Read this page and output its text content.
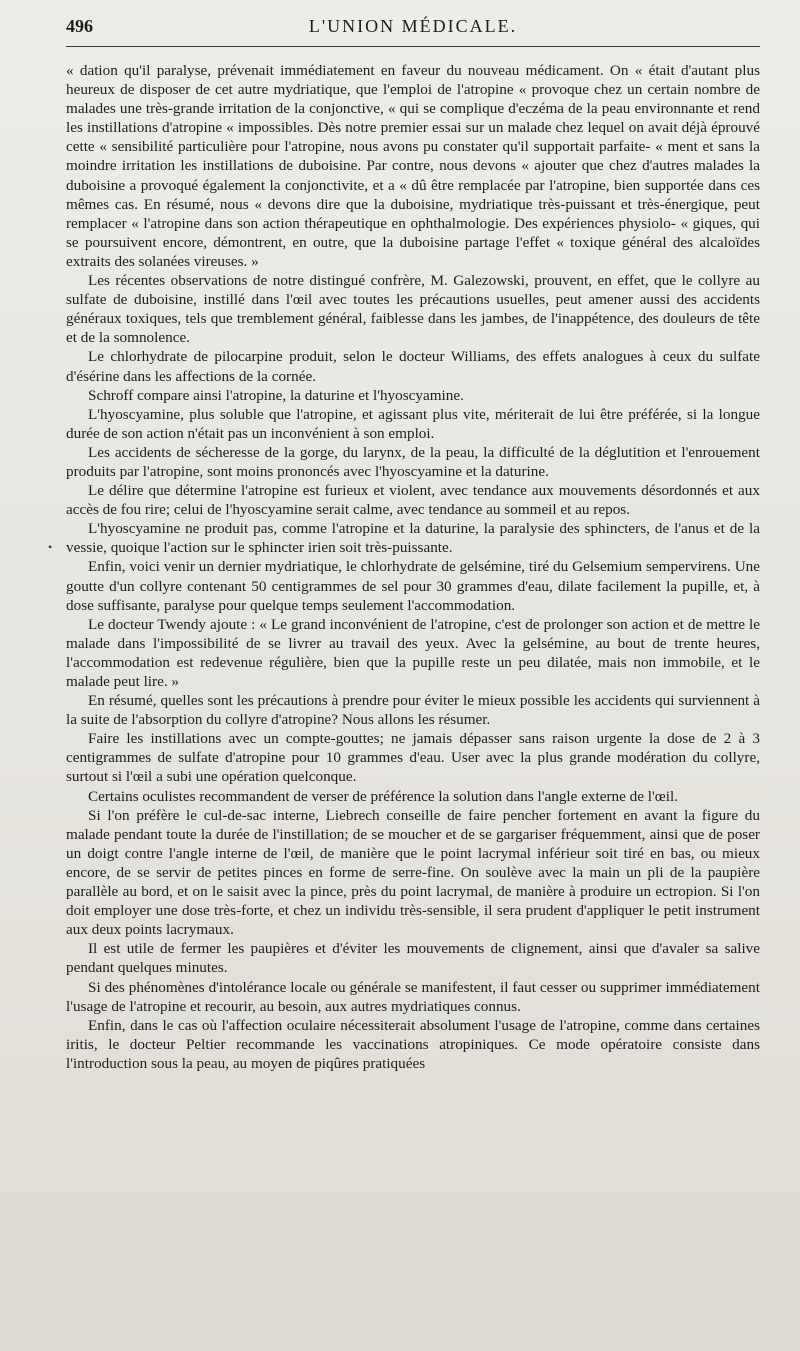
496	L'UNION MÉDICALE.

« dation qu'il paralyse, prévenait immédiatement en faveur du nouveau médicament. On « était d'autant plus heureux de disposer de cet autre mydriatique, que l'emploi de l'atropine « provoque chez un certain nombre de malades une très-grande irritation de la conjonctive, « qui se complique d'eczéma de la peau environnante et rend les instillations d'atropine « impossibles. Dès notre premier essai sur un malade chez lequel on avait déjà éprouvé cette « sensibilité particulière pour l'atropine, nous avons pu constater qu'il supportait parfaite- « ment et sans la moindre irritation les instillations de duboisine. Par contre, nous devons « ajouter que chez d'autres malades la duboisine a provoqué également la conjonctivite, et a « dû être remplacée par l'atropine, bien supportée dans ces mêmes cas. En résumé, nous « devons dire que la duboisine, mydriatique très-puissant et très-énergique, peut remplacer « l'atropine dans son action thérapeutique en ophthalmologie. Des expériences physiolo- « giques, qui se poursuivent encore, démontrent, en outre, que la duboisine partage l'effet « toxique général des alcaloïdes extraits des solanées vireuses. »

Les récentes observations de notre distingué confrère, M. Galezowski, prouvent, en effet, que le collyre au sulfate de duboisine, instillé dans l'œil avec toutes les précautions usuelles, peut amener aussi des accidents généraux toxiques, tels que tremblement général, faiblesse dans les jambes, de l'inappétence, des douleurs de tête et de la somnolence.

Le chlorhydrate de pilocarpine produit, selon le docteur Williams, des effets analogues à ceux du sulfate d'ésérine dans les affections de la cornée.

Schroff compare ainsi l'atropine, la daturine et l'hyoscyamine.

L'hyoscyamine, plus soluble que l'atropine, et agissant plus vite, mériterait de lui être préférée, si la longue durée de son action n'était pas un inconvénient à son emploi.

Les accidents de sécheresse de la gorge, du larynx, de la peau, la difficulté de la déglutition et l'enrouement produits par l'atropine, sont moins prononcés avec l'hyoscyamine et la daturine.

Le délire que détermine l'atropine est furieux et violent, avec tendance aux mouvements désordonnés et aux accès de fou rire; celui de l'hyoscyamine serait calme, avec tendance au sommeil et au repos.

L'hyoscyamine ne produit pas, comme l'atropine et la daturine, la paralysie des sphincters, de l'anus et de la vessie, quoique l'action sur le sphincter irien soit très-puissante.

Enfin, voici venir un dernier mydriatique, le chlorhydrate de gelsémine, tiré du Gelsemium sempervirens. Une goutte d'un collyre contenant 50 centigrammes de sel pour 30 grammes d'eau, dilate facilement la pupille, et, à dose suffisante, paralyse pour quelque temps seulement l'accommodation.

Le docteur Twendy ajoute : « Le grand inconvénient de l'atropine, c'est de prolonger son action et de mettre le malade dans l'impossibilité de se livrer au travail des yeux. Avec la gelsémine, au bout de trente heures, l'accommodation est redevenue régulière, bien que la pupille reste un peu dilatée, mais non immobile, et le malade peut lire. »

En résumé, quelles sont les précautions à prendre pour éviter le mieux possible les accidents qui surviennent à la suite de l'absorption du collyre d'atropine? Nous allons les résumer.

Faire les instillations avec un compte-gouttes; ne jamais dépasser sans raison urgente la dose de 2 à 3 centigrammes de sulfate d'atropine pour 10 grammes d'eau. User avec la plus grande modération du collyre, surtout si l'œil a subi une opération quelconque.

Certains oculistes recommandent de verser de préférence la solution dans l'angle externe de l'œil.

Si l'on préfère le cul-de-sac interne, Liebrech conseille de faire pencher fortement en avant la figure du malade pendant toute la durée de l'instillation; de se moucher et de se gargariser fréquemment, ainsi que de poser un doigt contre l'angle interne de l'œil, de manière que le point lacrymal inférieur soit tiré en bas, ou mieux encore, de se servir de petites pinces en forme de serre-fine. On soulève avec la main un pli de la paupière parallèle au bord, et on le saisit avec la pince, près du point lacrymal, de manière à produire un ectropion. Si l'on doit employer une dose très-forte, et chez un individu très-sensible, il sera prudent d'appliquer le petit instrument aux deux points lacrymaux.

Il est utile de fermer les paupières et d'éviter les mouvements de clignement, ainsi que d'avaler sa salive pendant quelques minutes.

Si des phénomènes d'intolérance locale ou générale se manifestent, il faut cesser ou supprimer immédiatement l'usage de l'atropine et recourir, au besoin, aux autres mydriatiques connus.

Enfin, dans le cas où l'affection oculaire nécessiterait absolument l'usage de l'atropine, comme dans certaines iritis, le docteur Peltier recommande les vaccinations atropiniques. Ce mode opératoire consiste dans l'introduction sous la peau, au moyen de piqûres pratiquées

•
